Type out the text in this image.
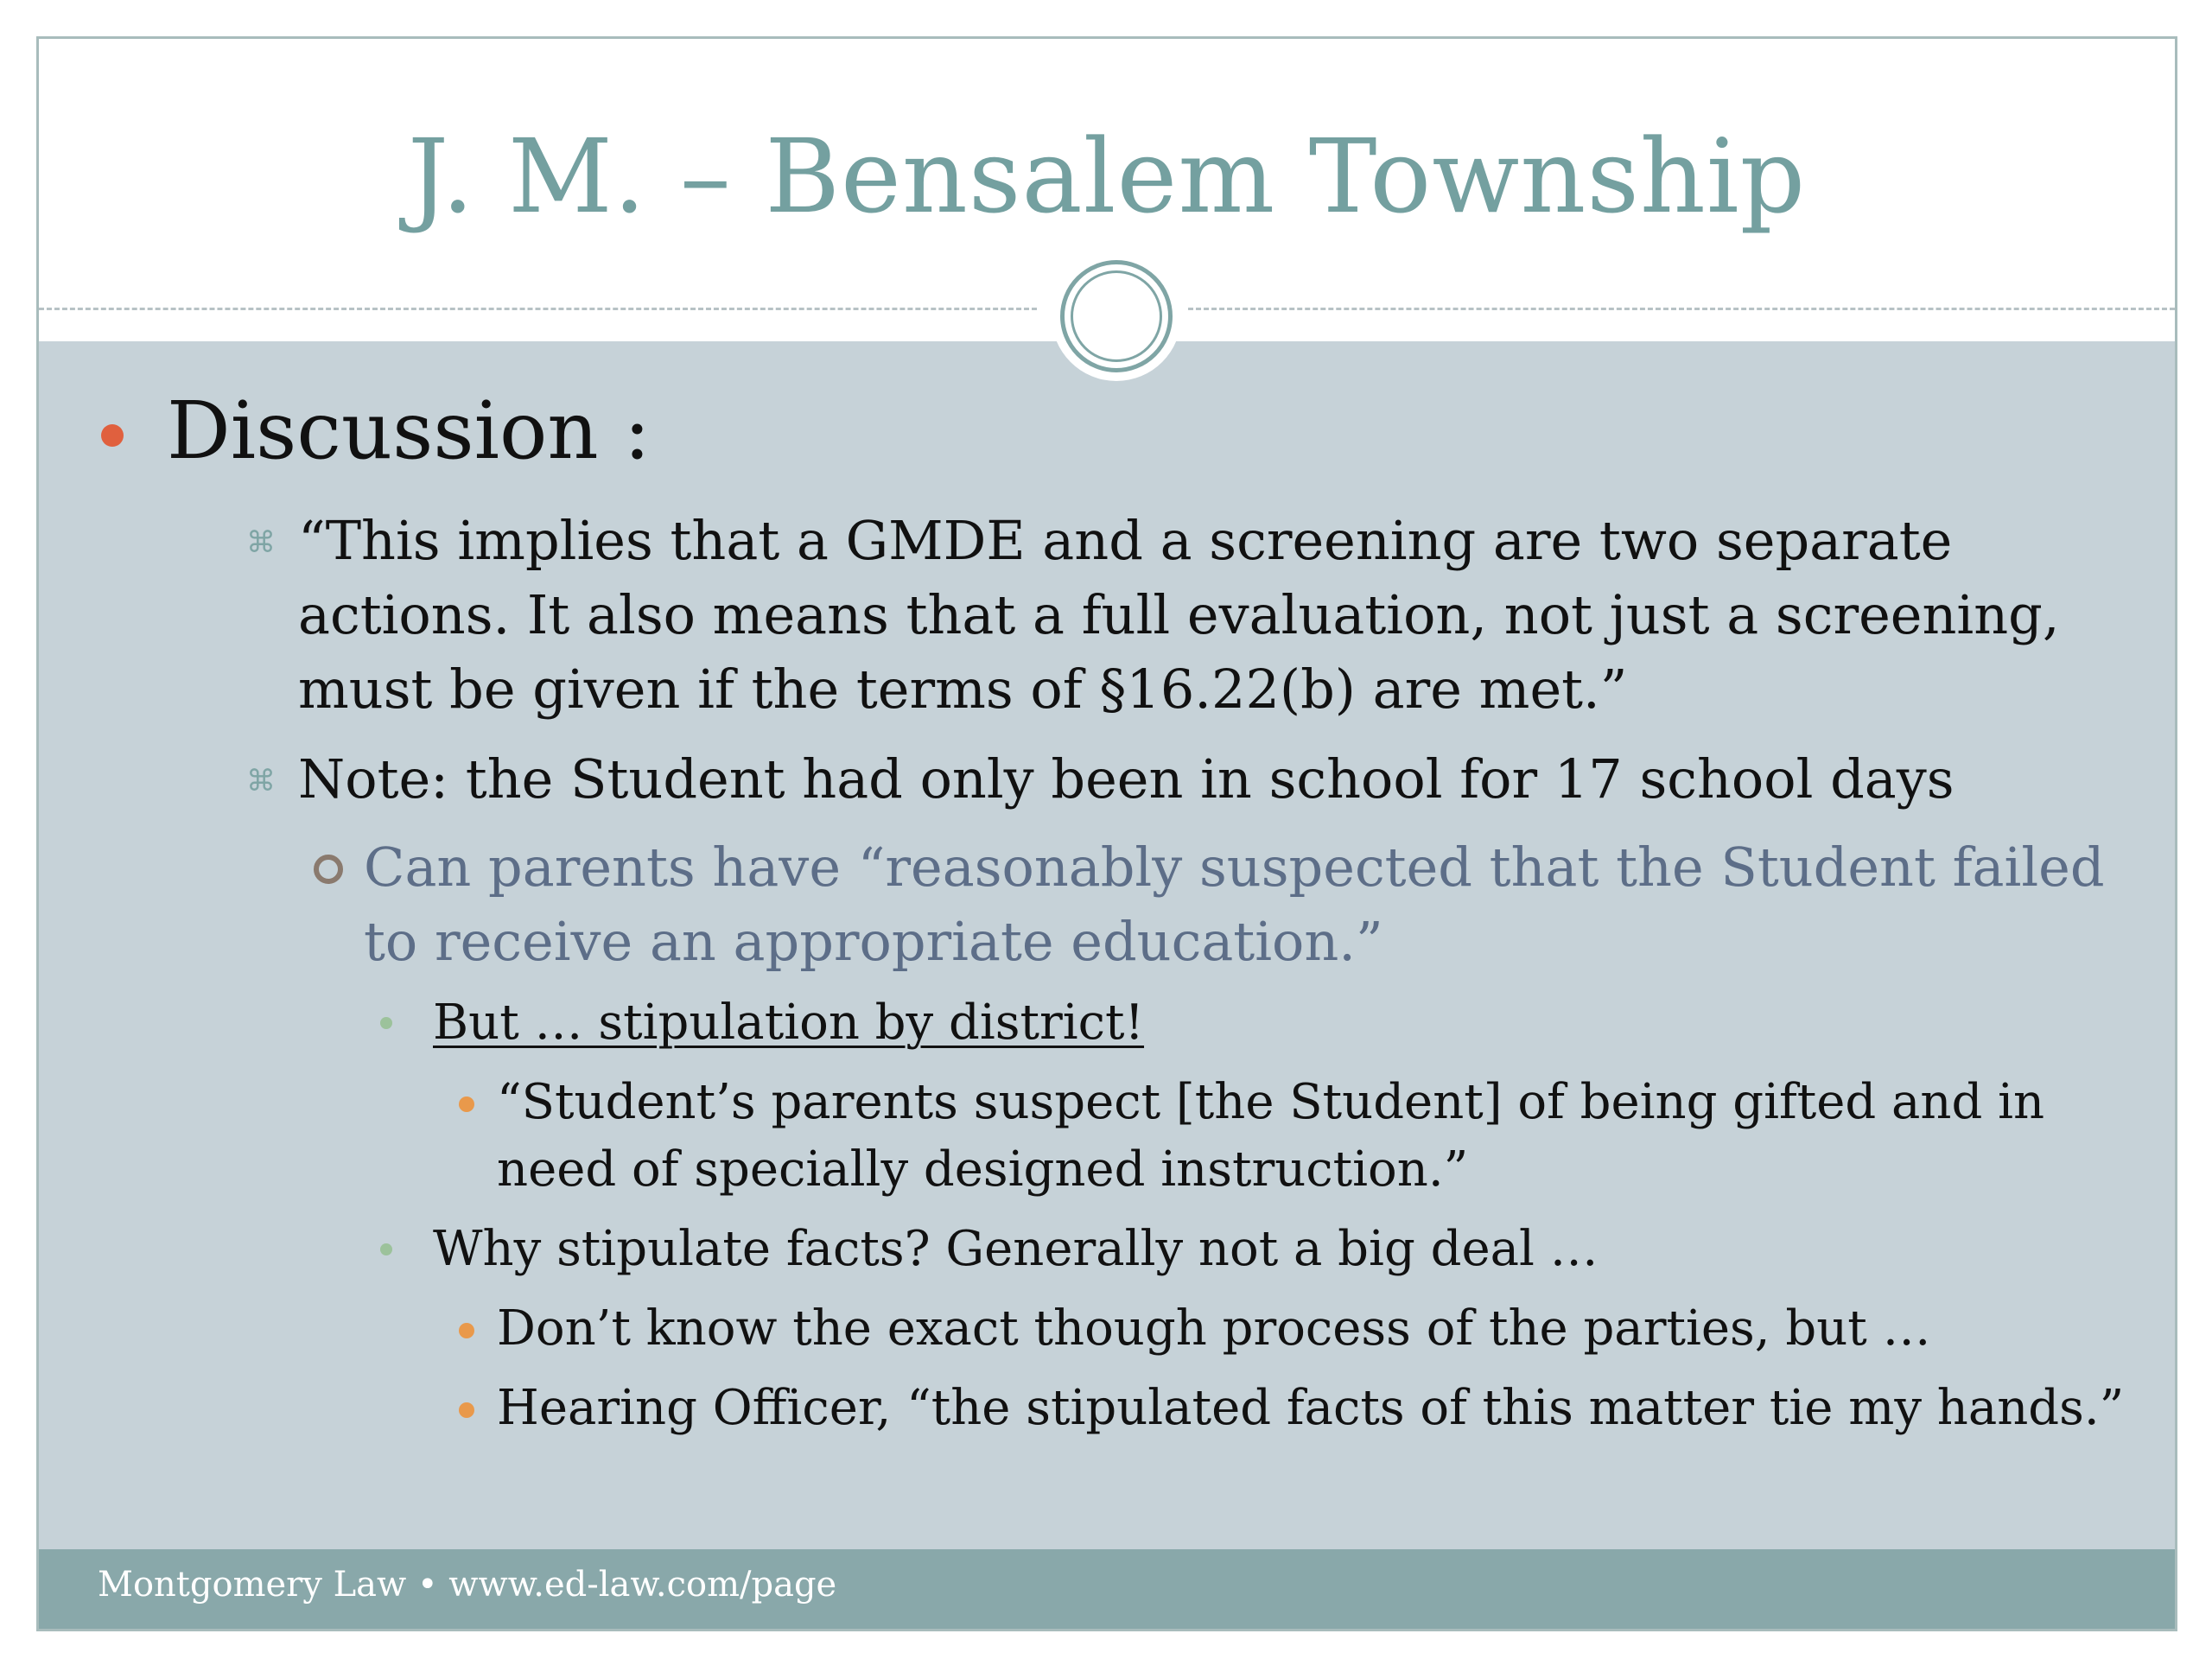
J. M. – Bensalem Township
Discussion :
⌘ “This implies that a GMDE and a screening are two separate
actions. It also means that a full evaluation, not just a screening,
must be given if the terms of §16.22(b) are met.”
⌘ Note: the Student had only been in school for 17 school days
Can parents have “reasonably suspected that the Student failed
to receive an appropriate education.”
But … stipulation by district!
“Student’s parents suspect [the Student] of being gifted and in
need of specially designed instruction.”
Why stipulate facts? Generally not a big deal …
Don’t know the exact though process of the parties, but …
Hearing Officer, “the stipulated facts of this matter tie my hands.”
Montgomery Law • www.ed-law.com/page
